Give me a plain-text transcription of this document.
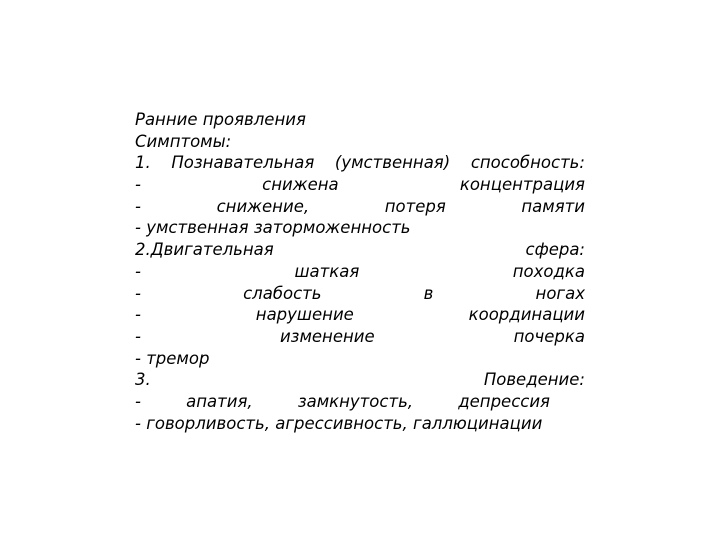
Ранние проявления
Симптомы:
1. Познавательная (умственная) способность:
-	снижена	концентрация
-	снижение,	потеря	памяти
- умственная заторможенность
2.Двигательная	сфера:
-	шаткая	походка
-	слабость	в	ногах
-	нарушение	координации
-	изменение	почерка
- тремор
3.	Поведение:
-	апатия,	замкнутость,	депрессия
- говорливость, агрессивность, галлюцинации
